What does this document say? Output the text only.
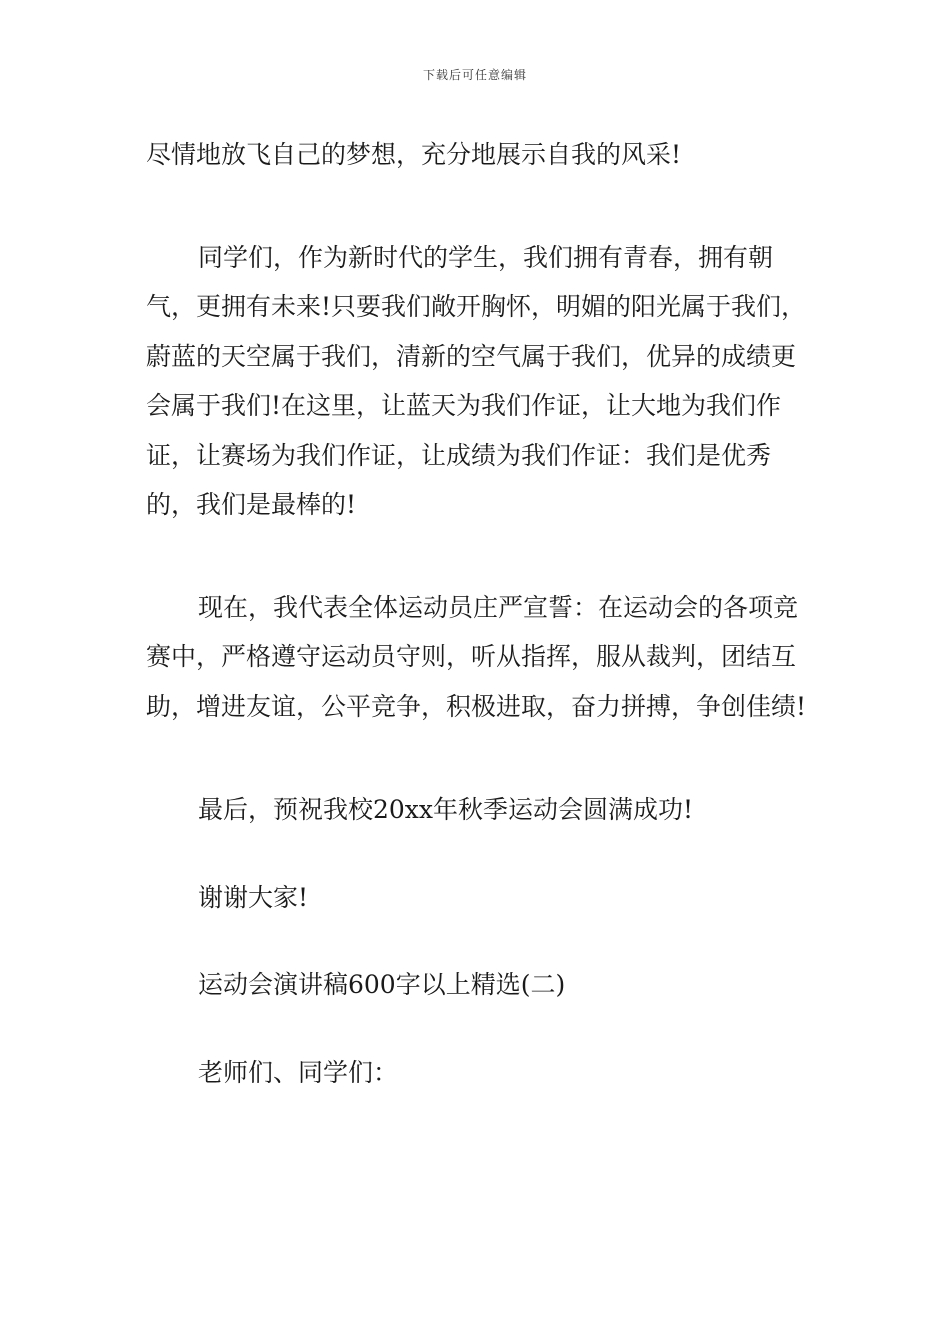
下载后可任意编辑

尽情地放飞自己的梦想，充分地展示自我的风采!

同学们，作为新时代的学生，我们拥有青春，拥有朝气，更拥有未来!只要我们敞开胸怀，明媚的阳光属于我们，蔚蓝的天空属于我们，清新的空气属于我们，优异的成绩更会属于我们!在这里，让蓝天为我们作证，让大地为我们作证，让赛场为我们作证，让成绩为我们作证：我们是优秀的，我们是最棒的!

现在，我代表全体运动员庄严宣誓：在运动会的各项竞赛中，严格遵守运动员守则，听从指挥，服从裁判，团结互助，增进友谊，公平竞争，积极进取，奋力拼搏，争创佳绩!

最后，预祝我校20xx年秋季运动会圆满成功!

谢谢大家!

运动会演讲稿600字以上精选(二)

老师们、同学们：
